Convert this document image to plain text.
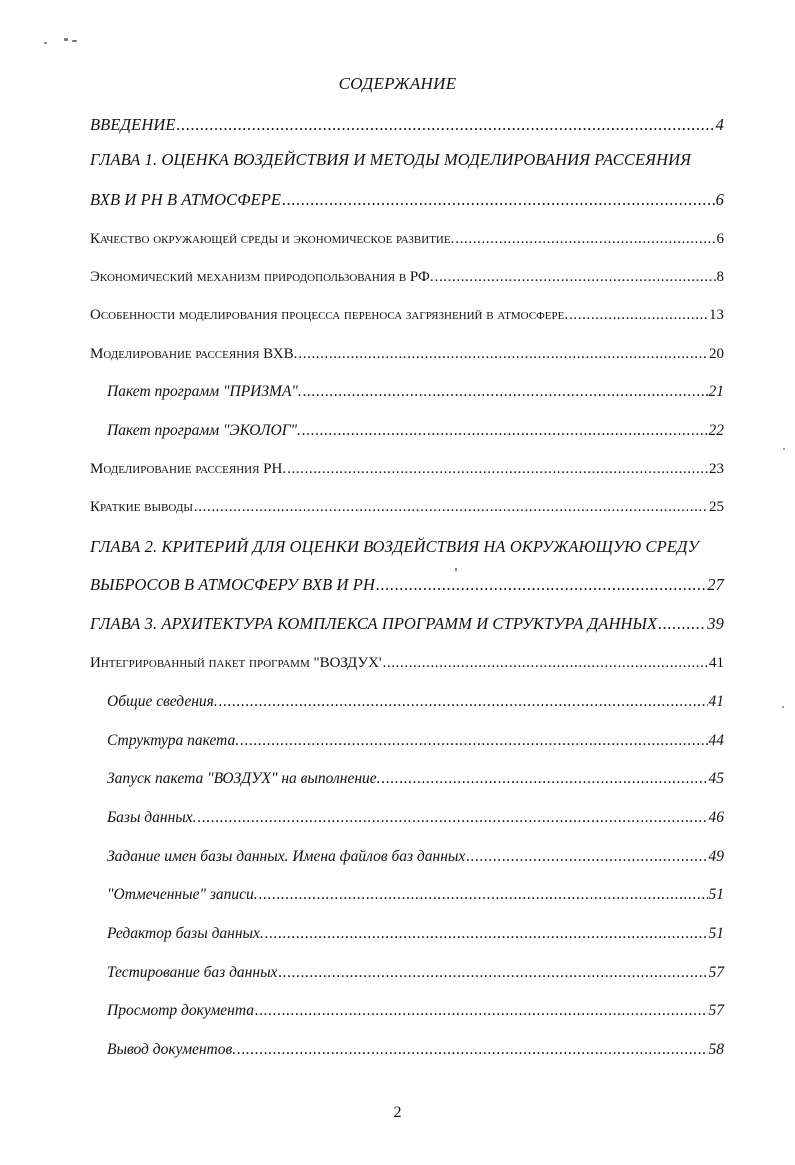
СОДЕРЖАНИЕ
ВВЕДЕНИЕ .....	4
ГЛАВА 1. ОЦЕНКА ВОЗДЕЙСТВИЯ И МЕТОДЫ МОДЕЛИРОВАНИЯ РАССЕЯНИЯ
ВХВ И РН В АТМОСФЕРЕ .....	6
Качество окружающей среды и экономическое развитие. .....	6
Экономический механизм природопользования в РФ. .....	8
Особенности моделирования процесса переноса загрязнений в атмосфере. .....	13
Моделирование рассеяния ВХВ. .....	20
Пакет программ "ПРИЗМА". .....	21
Пакет программ "ЭКОЛОГ". .....	22
Моделирование рассеяния РН. .....	23
Краткие выводы .....	25
ГЛАВА 2. КРИТЕРИЙ ДЛЯ ОЦЕНКИ ВОЗДЕЙСТВИЯ НА ОКРУЖАЮЩУЮ СРЕДУ
ВЫБРОСОВ В АТМОСФЕРУ ВХВ И РН .....	27
ГЛАВА 3. АРХИТЕКТУРА КОМПЛЕКСА ПРОГРАММ И СТРУКТУРА ДАННЫХ .....	39
Интегрированный пакет программ "ВОЗДУХ' .....	41
Общие сведения. .....	41
Структура пакета. .....	44
Запуск пакета "ВОЗДУХ" на выполнение. .....	45
Базы данных. .....	46
Задание имен базы данных. Имена файлов баз данных .....	49
"Отмеченные" записи. .....	51
Редактор базы данных. .....	51
Тестирование баз данных .....	57
Просмотр документа .....	57
Вывод документов. .....	58
2
